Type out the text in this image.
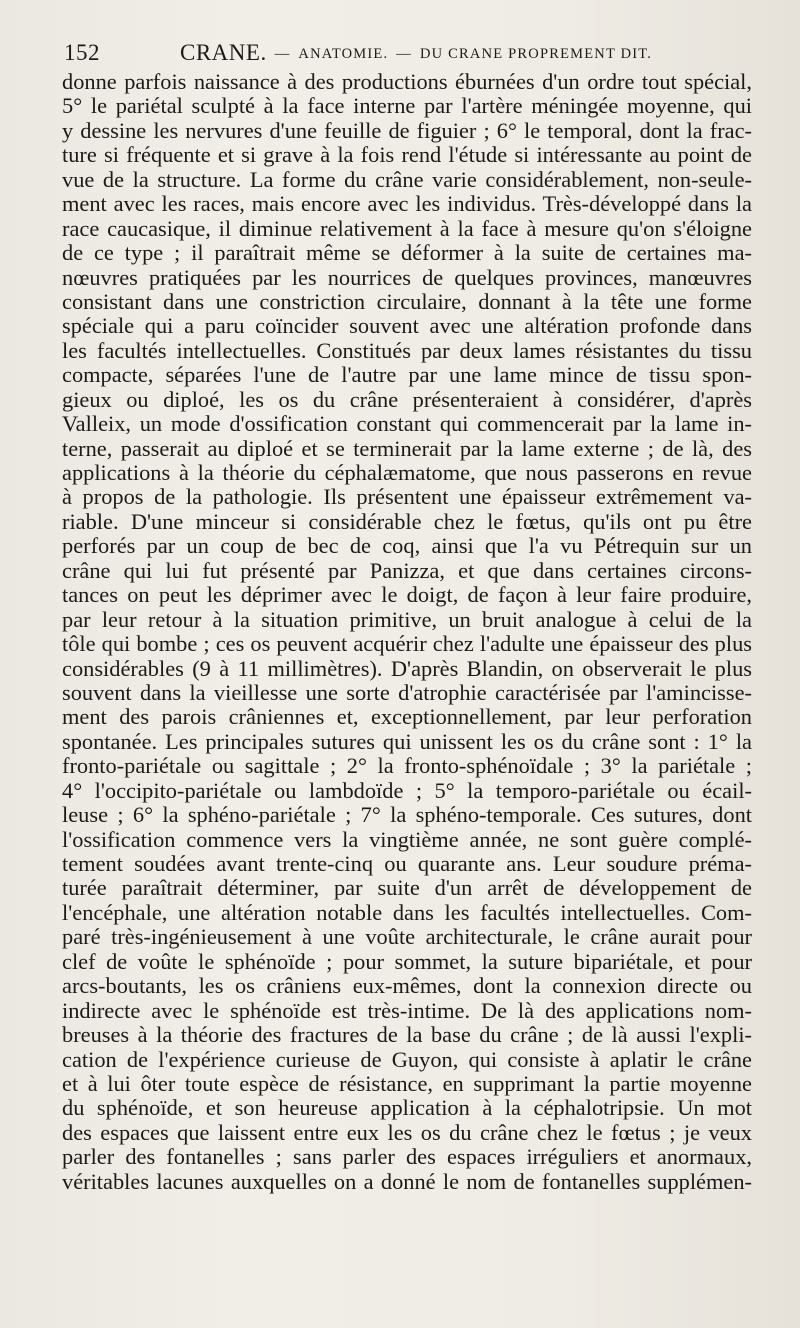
152	CRANE. — ANATOMIE. — DU CRANE PROPREMENT DIT.
donne parfois naissance à des productions éburnées d'un ordre tout spécial,
5° le pariétal sculpté à la face interne par l'artère méningée moyenne, qui
y dessine les nervures d'une feuille de figuier ; 6° le temporal, dont la frac-
ture si fréquente et si grave à la fois rend l'étude si intéressante au point de
vue de la structure. La forme du crâne varie considérablement, non-seule-
ment avec les races, mais encore avec les individus. Très-développé dans la
race caucasique, il diminue relativement à la face à mesure qu'on s'éloigne
de ce type ; il paraîtrait même se déformer à la suite de certaines ma-
nœuvres pratiquées par les nourrices de quelques provinces, manœuvres
consistant dans une constriction circulaire, donnant à la tête une forme
spéciale qui a paru coïncider souvent avec une altération profonde dans
les facultés intellectuelles. Constitués par deux lames résistantes du tissu
compacte, séparées l'une de l'autre par une lame mince de tissu spon-
gieux ou diploé, les os du crâne présenteraient à considérer, d'après
Valleix, un mode d'ossification constant qui commencerait par la lame in-
terne, passerait au diploé et se terminerait par la lame externe ; de là, des
applications à la théorie du céphalæmatome, que nous passerons en revue
à propos de la pathologie. Ils présentent une épaisseur extrêmement va-
riable. D'une minceur si considérable chez le fœtus, qu'ils ont pu être
perforés par un coup de bec de coq, ainsi que l'a vu Pétrequin sur un
crâne qui lui fut présenté par Panizza, et que dans certaines circons-
tances on peut les déprimer avec le doigt, de façon à leur faire produire,
par leur retour à la situation primitive, un bruit analogue à celui de la
tôle qui bombe ; ces os peuvent acquérir chez l'adulte une épaisseur des plus
considérables (9 à 11 millimètres). D'après Blandin, on observerait le plus
souvent dans la vieillesse une sorte d'atrophie caractérisée par l'amincisse-
ment des parois crâniennes et, exceptionnellement, par leur perforation
spontanée. Les principales sutures qui unissent les os du crâne sont : 1° la
fronto-pariétale ou sagittale ; 2° la fronto-sphénoïdale ; 3° la pariétale ;
4° l'occipito-pariétale ou lambdoïde ; 5° la temporo-pariétale ou écail-
leuse ; 6° la sphéno-pariétale ; 7° la sphéno-temporale. Ces sutures, dont
l'ossification commence vers la vingtième année, ne sont guère complé-
tement soudées avant trente-cinq ou quarante ans. Leur soudure préma-
turée paraîtrait déterminer, par suite d'un arrêt de développement de
l'encéphale, une altération notable dans les facultés intellectuelles. Com-
paré très-ingénieusement à une voûte architecturale, le crâne aurait pour
clef de voûte le sphénoïde ; pour sommet, la suture bipariétale, et pour
arcs-boutants, les os crâniens eux-mêmes, dont la connexion directe ou
indirecte avec le sphénoïde est très-intime. De là des applications nom-
breuses à la théorie des fractures de la base du crâne ; de là aussi l'expli-
cation de l'expérience curieuse de Guyon, qui consiste à aplatir le crâne
et à lui ôter toute espèce de résistance, en supprimant la partie moyenne
du sphénoïde, et son heureuse application à la céphalotripsie. Un mot
des espaces que laissent entre eux les os du crâne chez le fœtus ; je veux
parler des fontanelles ; sans parler des espaces irréguliers et anormaux,
véritables lacunes auxquelles on a donné le nom de fontanelles supplémen-
